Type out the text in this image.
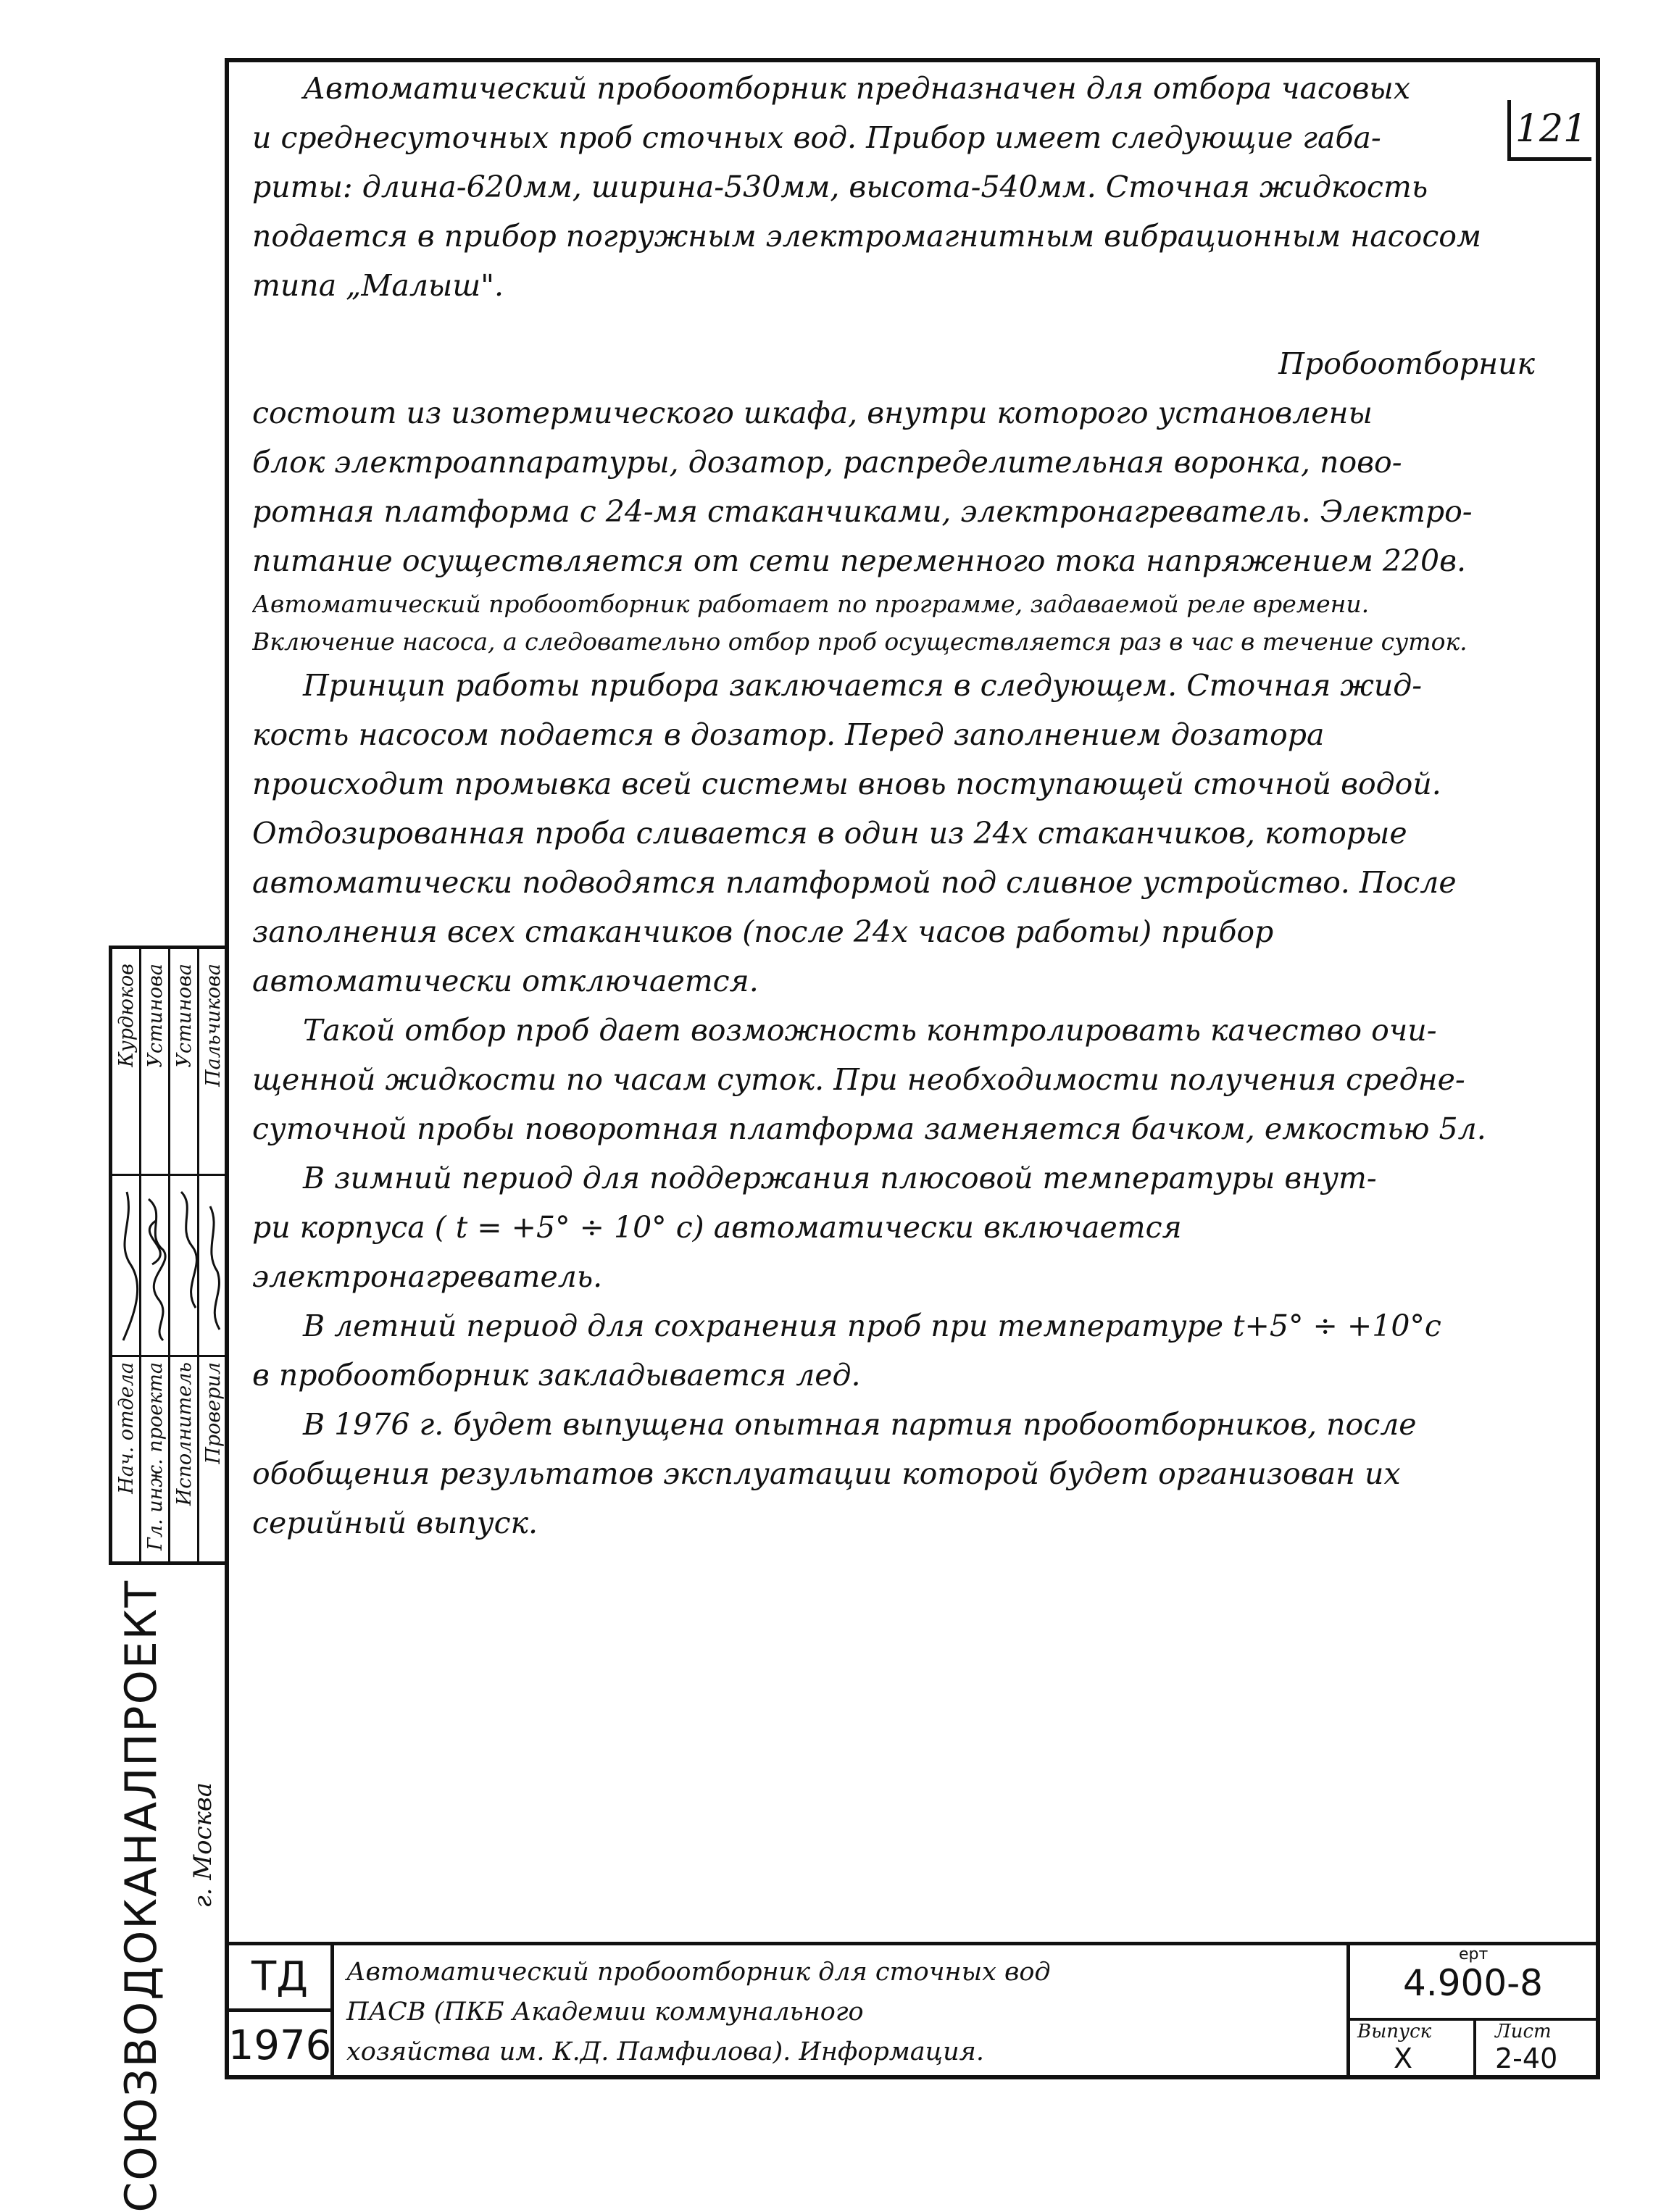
121
Автоматический пробоотборник предназначен для отбора часовых
и среднесуточных проб сточных вод. Прибор имеет следующие габа-
риты: длина-620мм, ширина-530мм, высота-540мм. Сточная жидкость
подается в прибор погружным электромагнитным вибрационным насосом
типа „Малыш".
Пробоотборник
состоит из изотермического шкафа, внутри которого установлены
блок электроаппаратуры, дозатор, распределительная воронка, пово-
ротная платформа с 24-мя стаканчиками, электронагреватель. Электро-
питание осуществляется от сети переменного тока напряжением 220в.
Автоматический пробоотборник работает по программе, задаваемой реле времени.
Включение насоса, а следовательно отбор проб осуществляется раз в час в течение суток.
Принцип работы прибора заключается в следующем. Сточная жид-
кость насосом подается в дозатор. Перед заполнением дозатора
происходит промывка всей системы вновь поступающей сточной водой.
Отдозированная проба сливается в один из 24х стаканчиков, которые
автоматически подводятся платформой под сливное устройство. После
заполнения всех стаканчиков (после 24х часов работы) прибор
автоматически отключается.
Такой отбор проб дает возможность контролировать качество очи-
щенной жидкости по часам суток. При необходимости получения средне-
суточной пробы поворотная платформа заменяется бачком, емкостью 5л.
В зимний период для поддержания плюсовой температуры внут-
ри корпуса ( t = +5° ÷ 10° c) автоматически включается
электронагреватель.
В летний период для сохранения проб при температуре t+5° ÷ +10°c
в пробоотборник закладывается лед.
В 1976 г. будет выпущена опытная партия пробоотборников, после
обобщения результатов эксплуатации которой будет организован их
серийный выпуск.
Нач. отдела Гл. инж. проекта Исполнитель Проверил
Курдюков Устинова Устинова Пальчикова
СОЮЗВОДОКАНАЛПРОЕКТ г. Москва
ТД
1976
Автоматический пробоотборник для сточных вод
ПАСВ (ПКБ Академии коммунального
хозяйства им. К.Д. Памфилова). Информация.
ерт
4.900-8
Выпуск
X
Лист
2-40
